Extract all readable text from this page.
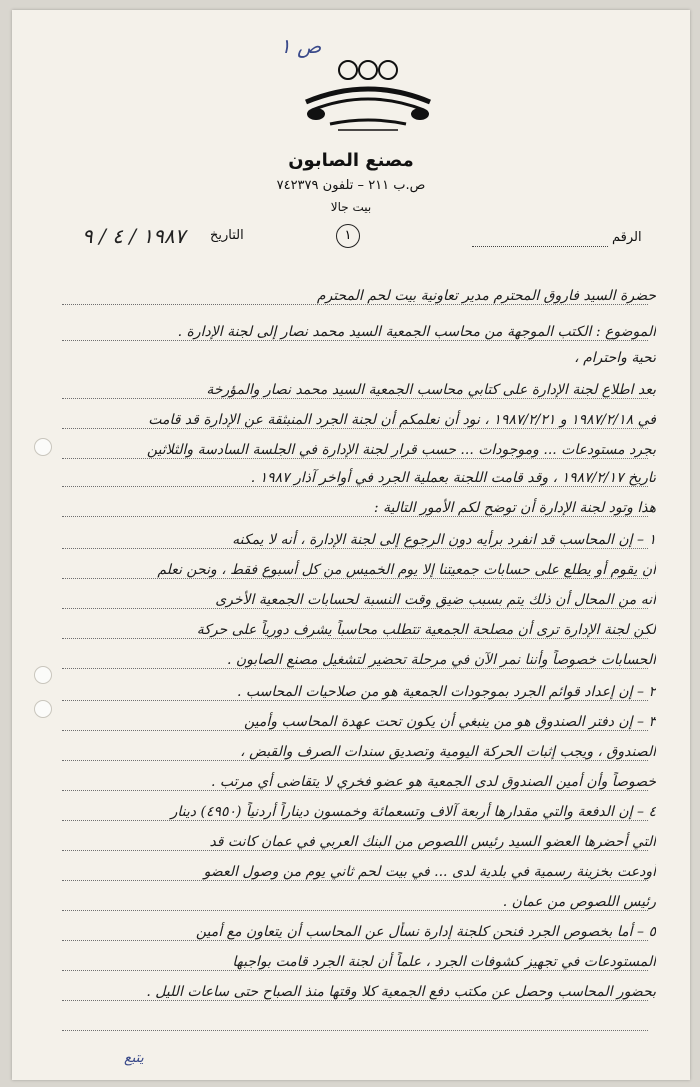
ص ١
مصنع الصابون
ص.ب ٢١١ – تلفون ٧٤٢٣٧٩
بيت جالا
١	الرقم
التاريخ
١٩٨٧ / ٤ / ٩
حضرة السيد فاروق المحترم مدير تعاونية بيت لحم المحترم
الموضوع : الكتب الموجهة من محاسب الجمعية السيد محمد نصار إلى لجنة الإدارة .
تحية واحترام ،
بعد اطلاع لجنة الإدارة على كتابي محاسب الجمعية السيد محمد نصار والمؤرخة
في ١٩٨٧/٢/١٨ و ١٩٨٧/٢/٢١ ، نود أن نعلمكم أن لجنة الجرد المنبثقة عن الإدارة قد قامت
بجرد مستودعات ... وموجودات ... حسب قرار لجنة الإدارة في الجلسة السادسة والثلاثين
تاريخ ١٩٨٧/٢/١٧ ، وقد قامت اللجنة بعملية الجرد في أواخر آذار ١٩٨٧ .
هذا وتود لجنة الإدارة أن توضح لكم الأمور التالية :
١ – إن المحاسب قد انفرد برأيه دون الرجوع إلى لجنة الإدارة ، أنه لا يمكنه
أن يقوم أو يطلع على حسابات جمعيتنا إلا يوم الخميس من كل أسبوع فقط ، ونحن نعلم
أنه من المحال أن ذلك يتم بسبب ضيق وقت النسبة لحسابات الجمعية الأخرى
لكن لجنة الإدارة ترى أن مصلحة الجمعية تتطلب محاسباً يشرف دورياً على حركة
الحسابات خصوصاً وأننا نمر الآن في مرحلة تحضير لتشغيل مصنع الصابون .
٢ – إن إعداد قوائم الجرد بموجودات الجمعية هو من صلاحيات المحاسب .
٣ – إن دفتر الصندوق هو من ينبغي أن يكون تحت عهدة المحاسب وأمين
الصندوق ، ويجب إثبات الحركة اليومية وتصديق سندات الصرف والقبض ،
خصوصاً وأن أمين الصندوق لدى الجمعية هو عضو فخري لا يتقاضى أي مرتب .
٤ – إن الدفعة والتي مقدارها أربعة آلاف وتسعمائة وخمسون ديناراً أردنياً (٤٩٥٠) دينار
التي أحضرها العضو السيد رئيس اللصوص من البنك العربي في عمان كانت قد
أودعت بخزينة رسمية في بلدية لدى ... في بيت لحم ثاني يوم من وصول العضو
رئيس اللصوص من عمان .
٥ – أما بخصوص الجرد فنحن كلجنة إدارة نسأل عن المحاسب أن يتعاون مع أمين
المستودعات في تجهيز كشوفات الجرد ، علماً أن لجنة الجرد قامت بواجبها
بحضور المحاسب وحصل عن مكتب دفع الجمعية كلا وقتها منذ الصباح حتى ساعات الليل .
يتبع
